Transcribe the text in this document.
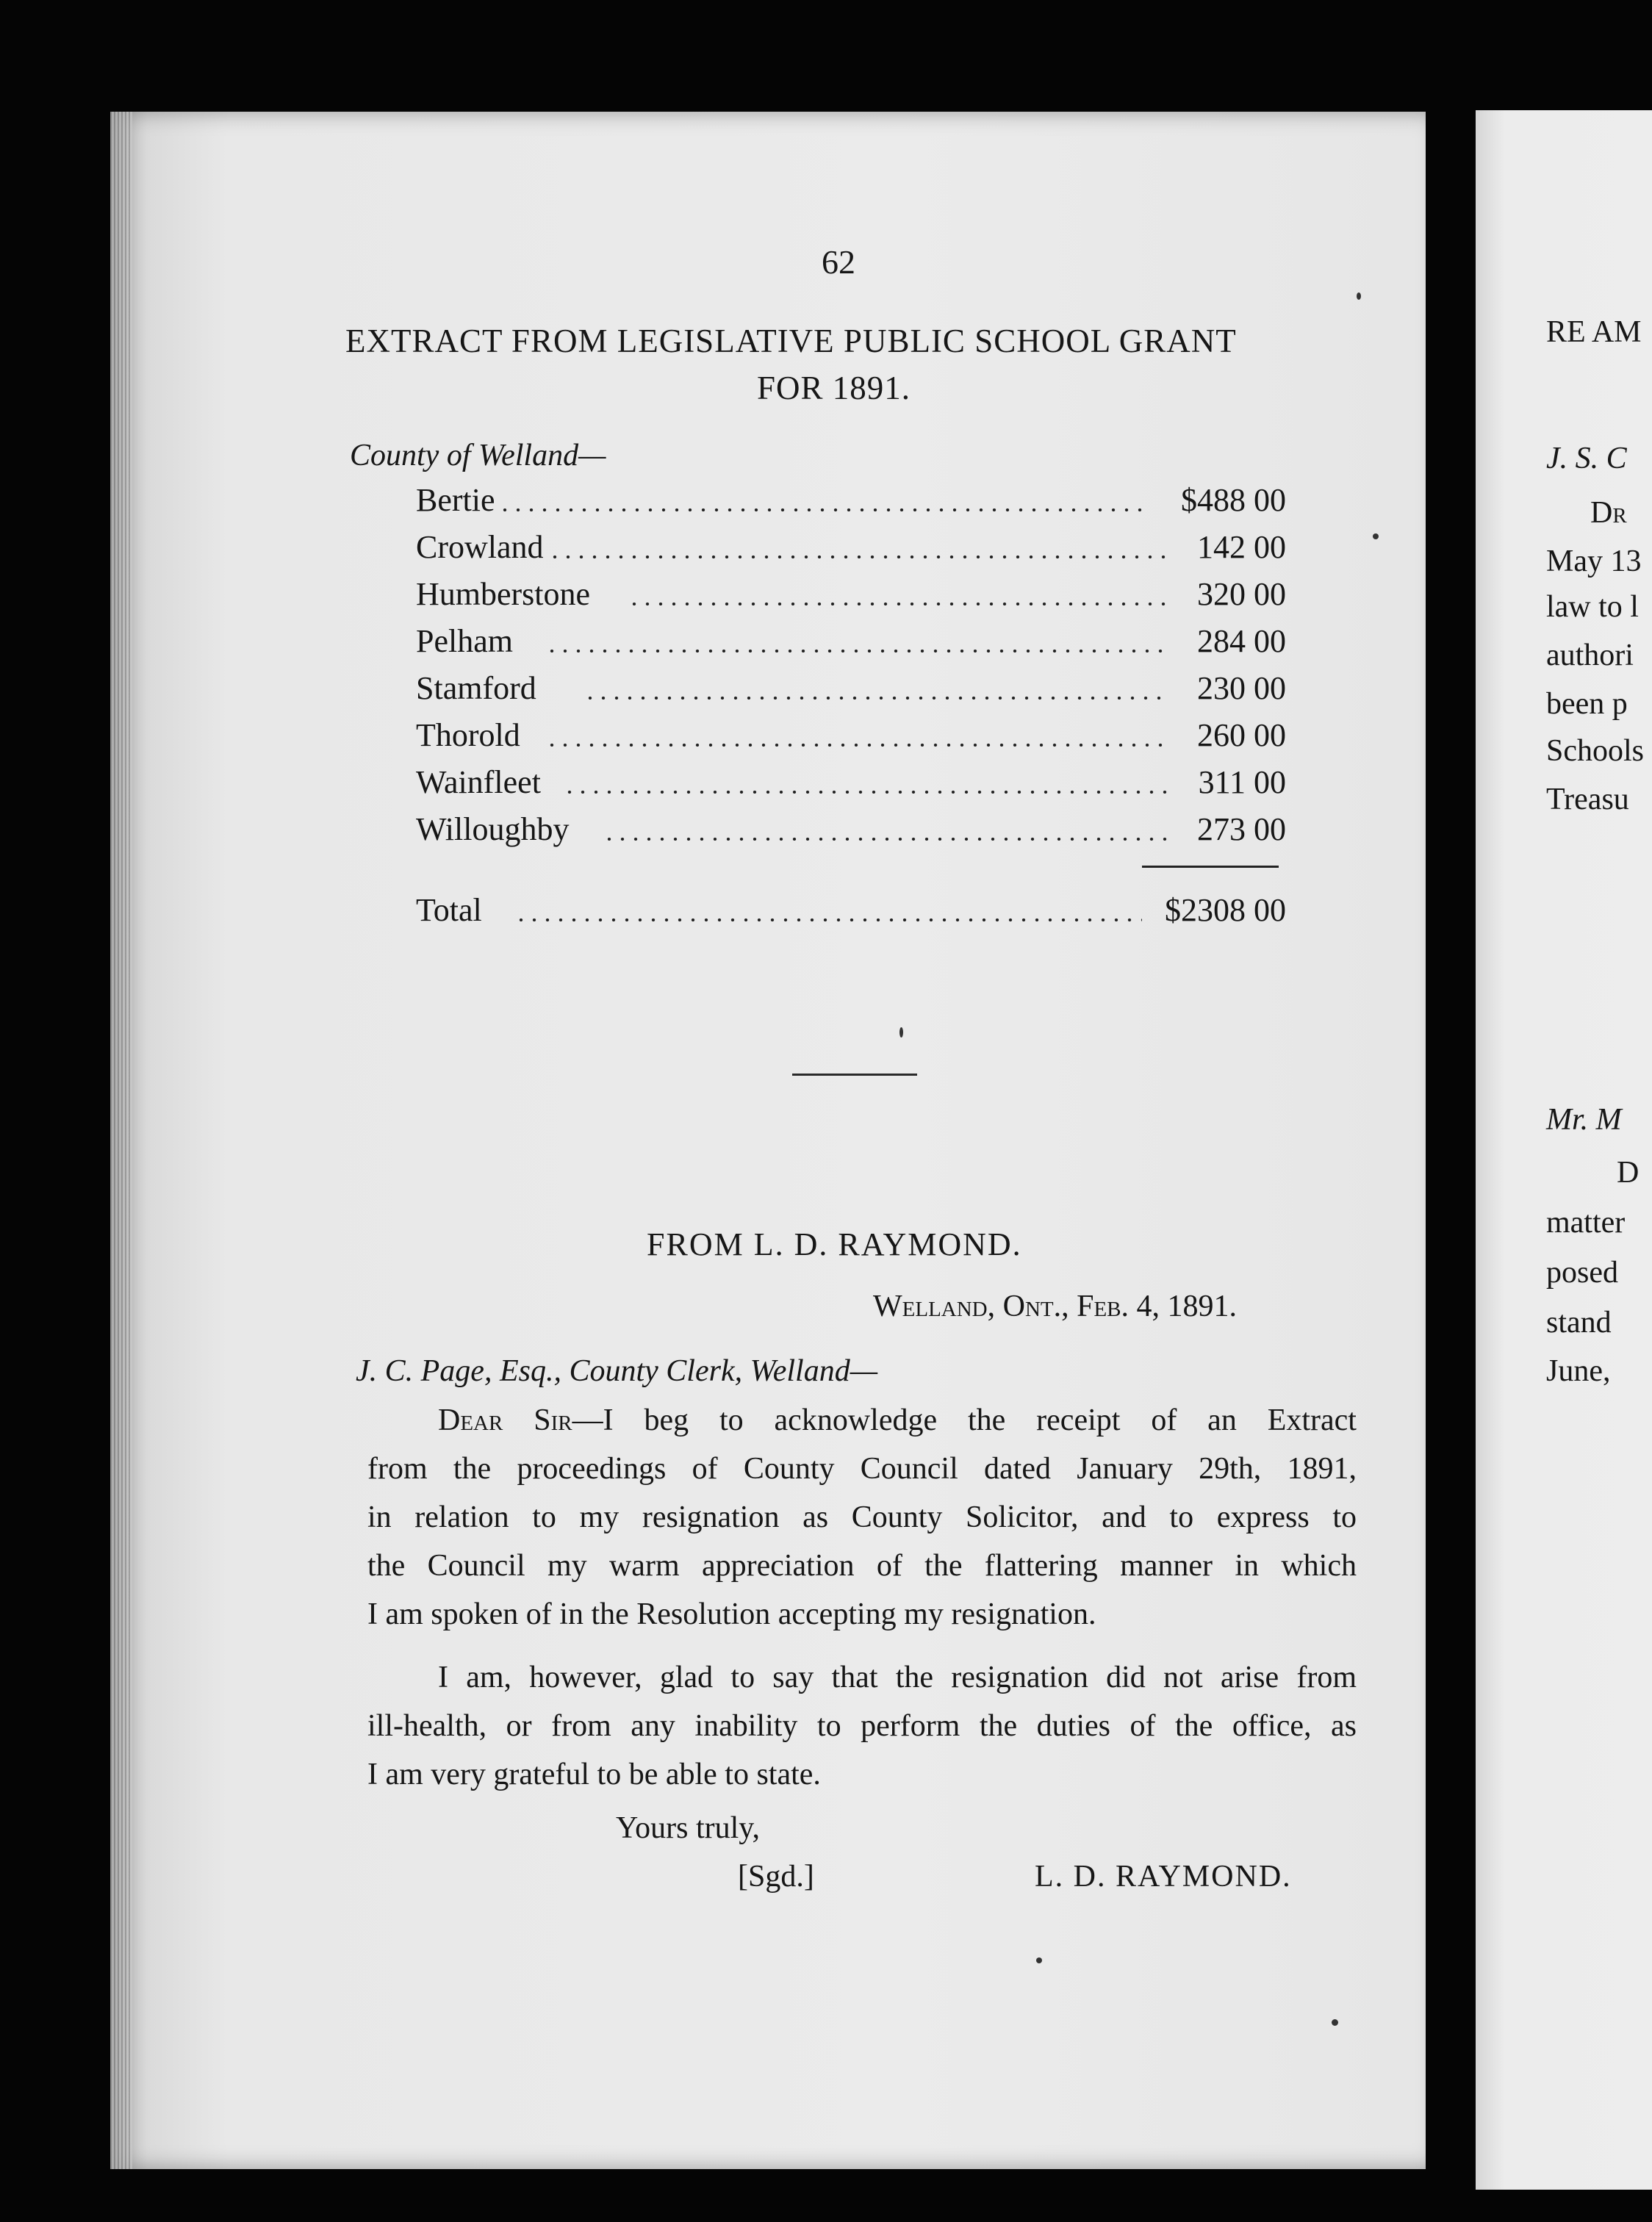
62
EXTRACT FROM LEGISLATIVE PUBLIC SCHOOL GRANT
FOR 1891.
County of Welland—
Bertie	$488 00
Crowland	142 00
Humberstone	320 00
Pelham	284 00
Stamford	230 00
Thorold	260 00
Wainfleet	311 00
Willoughby	273 00
Total	$2308 00
FROM L. D. RAYMOND.
Welland, Ont., Feb. 4, 1891.
J. C. Page, Esq., County Clerk, Welland—
Dear Sir—I beg to acknowledge the receipt of an Extract
from the proceedings of County Council dated January 29th, 1891,
in relation to my resignation as County Solicitor, and to express to
the Council my warm appreciation of the flattering manner in which
I am spoken of in the Resolution accepting my resignation.
I am, however, glad to say that the resignation did not arise from
ill-health, or from any inability to perform the duties of the office, as
I am very grateful to be able to state.
Yours truly,
[Sgd.]	L. D. RAYMOND.
RE AM
J. S. C
Dr
May 13
law to l
authori
been p
Schools
Treasu
Mr. M
D
matter
posed
stand
June,
